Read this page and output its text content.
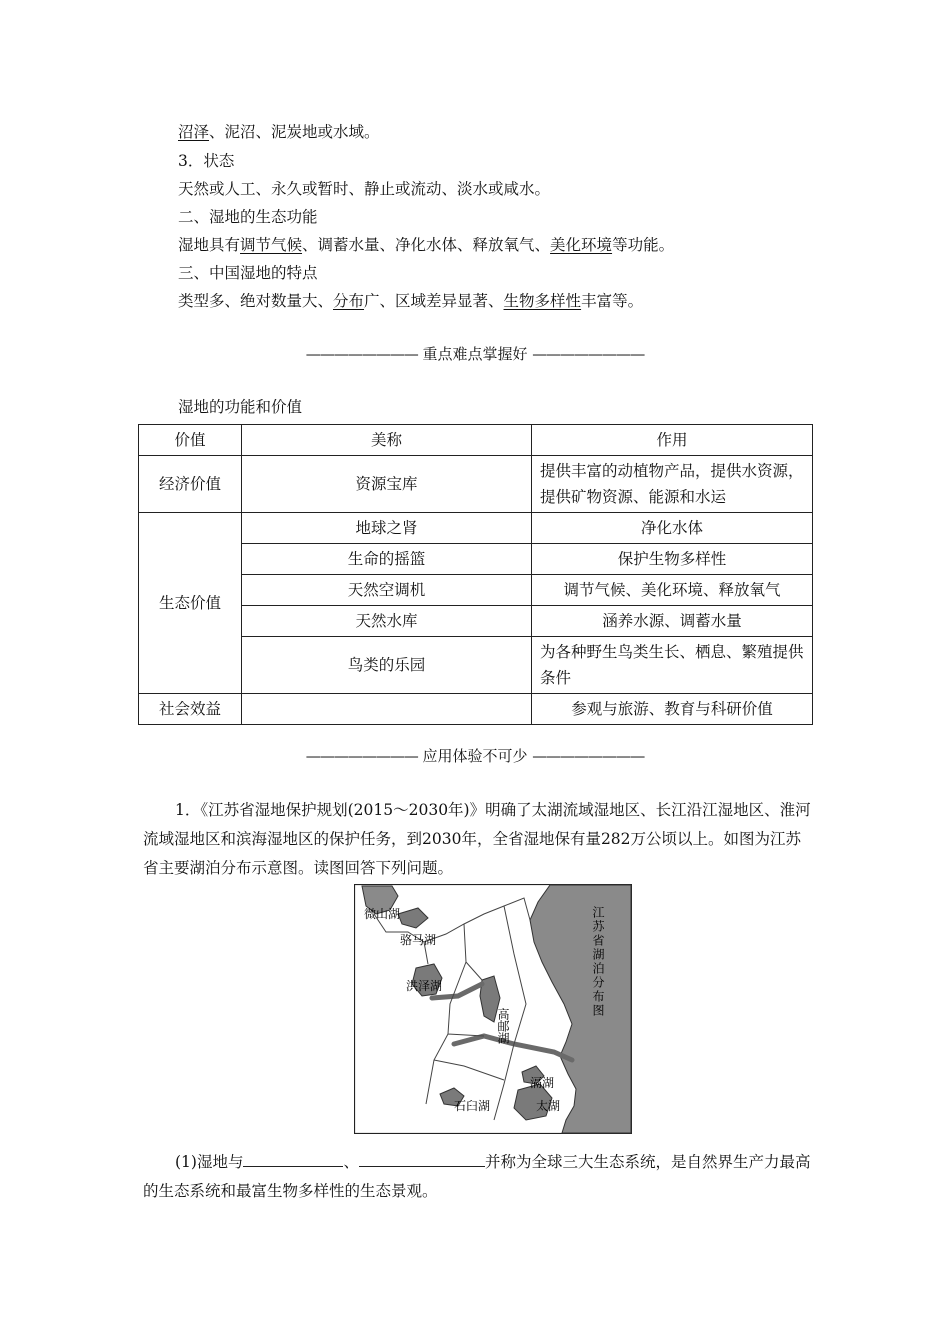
沼泽、泥沼、泥炭地或水域。
3．状态
天然或人工、永久或暂时、静止或流动、淡水或咸水。
二、湿地的生态功能
湿地具有调节气候、调蓄水量、净化水体、释放氧气、美化环境等功能。
三、中国湿地的特点
类型多、绝对数量大、分布广、区域差异显著、生物多样性丰富等。
———————— 重点难点掌握好 ————————
湿地的功能和价值
价值	美称	作用
经济价值	资源宝库	提供丰富的动植物产品，提供水资源，提供矿物资源、能源和水运
生态价值	地球之肾	净化水体
	生命的摇篮	保护生物多样性
	天然空调机	调节气候、美化环境、释放氧气
	天然水库	涵养水源、调蓄水量
	鸟类的乐园	为各种野生鸟类生长、栖息、繁殖提供条件
社会效益		参观与旅游、教育与科研价值
———————— 应用体验不可少 ————————
1．《江苏省湿地保护规划(2015～2030年)》明确了太湖流域湿地区、长江沿江湿地区、淮河流域湿地区和滨海湿地区的保护任务，到2030年，全省湿地保有量282万公顷以上。如图为江苏省主要湖泊分布示意图。读图回答下列问题。
微山湖
骆马湖
洪泽湖
高邮湖
滆湖
石臼湖	太湖
江苏省湖泊分布图
(1)湿地与	、	并称为全球三大生态系统，是自然界生产力最高的生态系统和最富生物多样性的生态景观。
